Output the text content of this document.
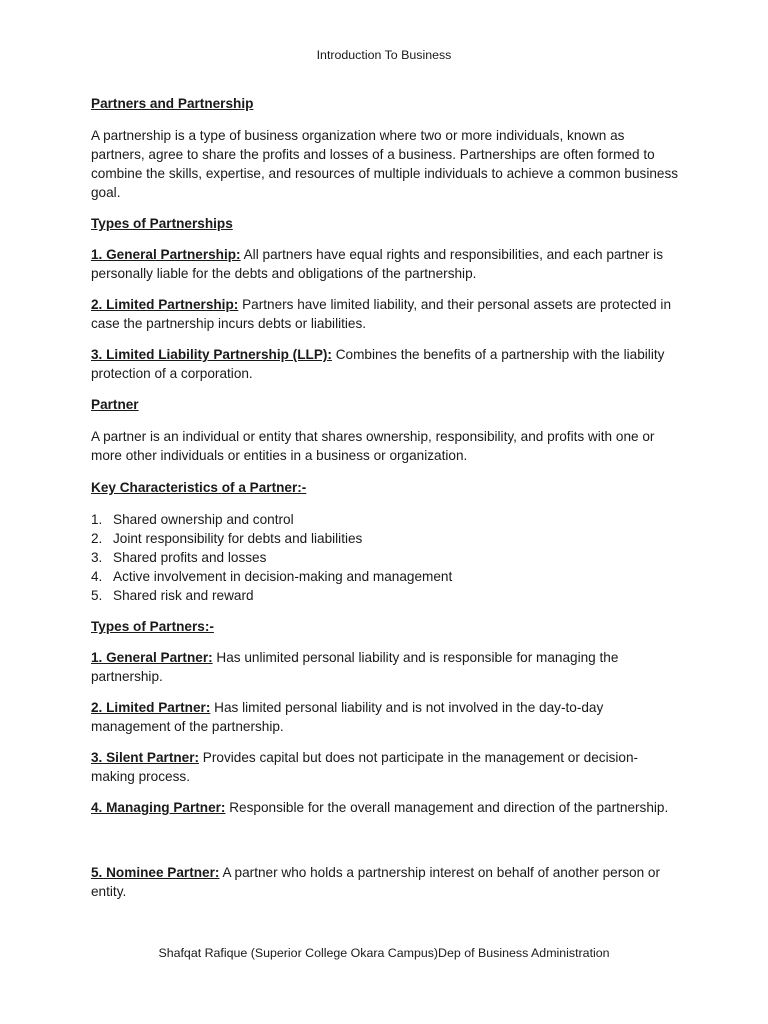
Introduction To Business

Partners and Partnership

A partnership is a type of business organization where two or more individuals, known as partners, agree to share the profits and losses of a business. Partnerships are often formed to combine the skills, expertise, and resources of multiple individuals to achieve a common business goal.

Types of Partnerships

1. General Partnership: All partners have equal rights and responsibilities, and each partner is personally liable for the debts and obligations of the partnership.

2. Limited Partnership: Partners have limited liability, and their personal assets are protected in case the partnership incurs debts or liabilities.

3. Limited Liability Partnership (LLP): Combines the benefits of a partnership with the liability protection of a corporation.

Partner

A partner is an individual or entity that shares ownership, responsibility, and profits with one or more other individuals or entities in a business or organization.

Key Characteristics of a Partner:-

1. Shared ownership and control
2. Joint responsibility for debts and liabilities
3. Shared profits and losses
4. Active involvement in decision-making and management
5. Shared risk and reward

Types of Partners:-

1. General Partner: Has unlimited personal liability and is responsible for managing the partnership.

2. Limited Partner: Has limited personal liability and is not involved in the day-to-day management of the partnership.

3. Silent Partner: Provides capital but does not participate in the management or decision-making process.

4. Managing Partner: Responsible for the overall management and direction of the partnership.

5. Nominee Partner: A partner who holds a partnership interest on behalf of another person or entity.

Shafqat Rafique (Superior College Okara Campus)Dep of Business Administration
